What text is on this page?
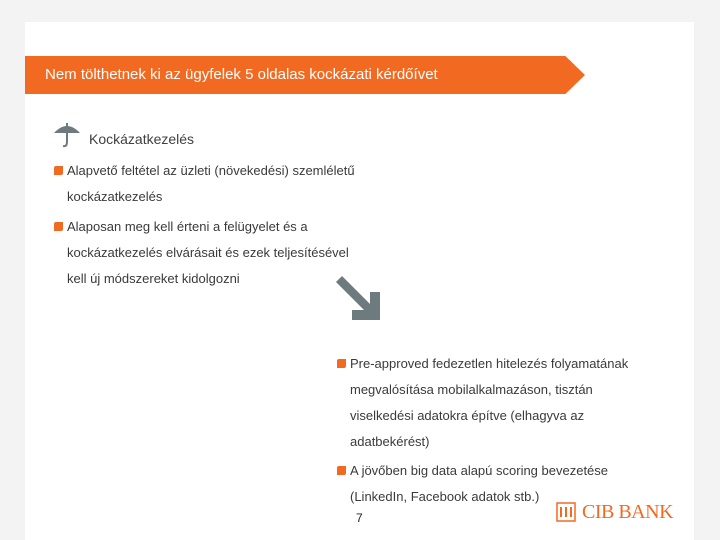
Nem tölthetnek ki az ügyfelek 5 oldalas kockázati kérdőívet
Kockázatkezelés
Alapvető feltétel az üzleti (növekedési) szemléletű
kockázatkezelés
Alaposan meg kell érteni a felügyelet és a
kockázatkezelés elvárásait és ezek teljesítésével
kell új módszereket kidolgozni
Pre-approved fedezetlen hitelezés folyamatának
megvalósítása mobilalkalmazáson, tisztán
viselkedési adatokra építve (elhagyva az
adatbekérést)
A jövőben big data alapú scoring bevezetése
(LinkedIn, Facebook adatok stb.)
7	CIB BANK
